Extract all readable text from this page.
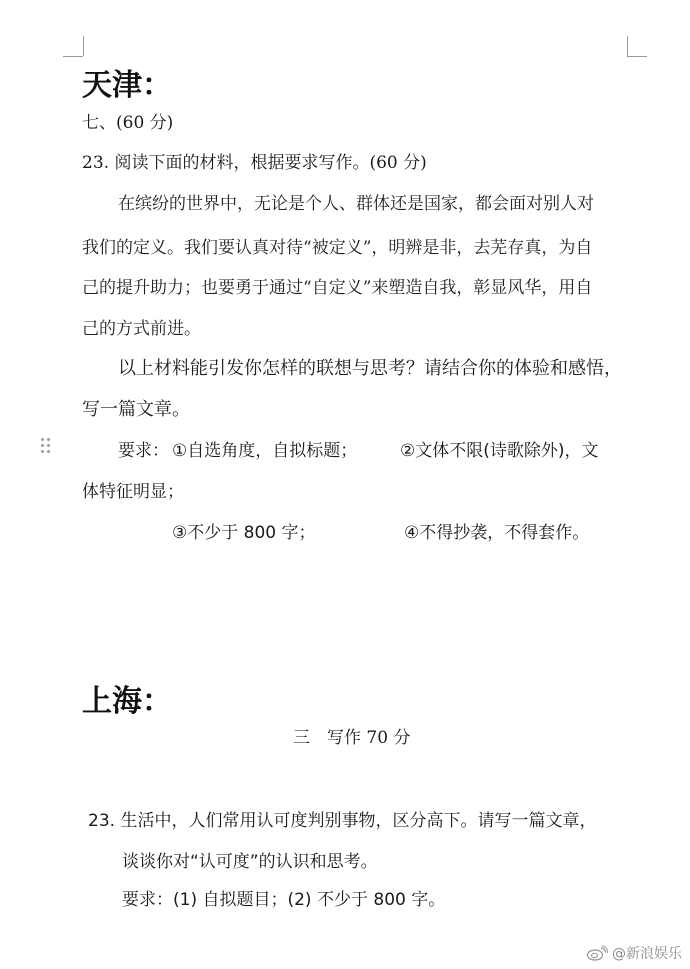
天津：
七、(60 分)
23. 阅读下面的材料，根据要求写作。(60 分)
在缤纷的世界中，无论是个人、群体还是国家，都会面对别人对
我们的定义。我们要认真对待“被定义”，明辨是非，去芜存真，为自
己的提升助力；也要勇于通过“自定义”来塑造自我，彰显风华，用自
己的方式前进。
以上材料能引发你怎样的联想与思考？请结合你的体验和感悟，
写一篇文章。
要求： ①自选角度，自拟标题；	②文体不限(诗歌除外)，文
体特征明显；
③不少于 800 字；	④不得抄袭，不得套作。
上海：
三　写作 70 分
23. 生活中，人们常用认可度判别事物，区分高下。请写一篇文章，
谈谈你对“认可度”的认识和思考。
要求：(1) 自拟题目；(2) 不少于 800 字。
@新浪娱乐
